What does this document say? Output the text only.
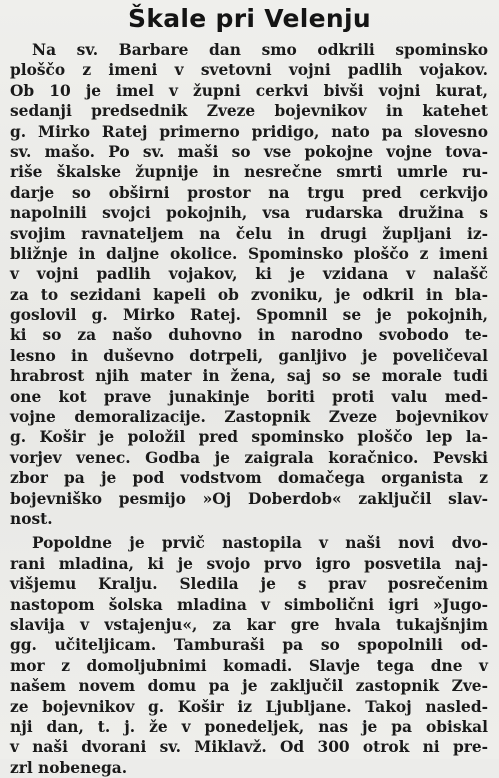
Škale pri Velenju
Na sv. Barbare dan smo odkrili spominsko
ploščo z imeni v svetovni vojni padlih vojakov.
Ob 10 je imel v župni cerkvi bivši vojni kurat,
sedanji predsednik Zveze bojevnikov in katehet
g. Mirko Ratej primerno pridigo, nato pa slovesno
sv. mašo. Po sv. maši so vse pokojne vojne tova-
riše škalske župnije in nesrečne smrti umrle ru-
darje so obširni prostor na trgu pred cerkvijo
napolnili svojci pokojnih, vsa rudarska družina s
svojim ravnateljem na čelu in drugi župljani iz-
bližnje in daljne okolice. Spominsko ploščo z imeni
v vojni padlih vojakov, ki je vzidana v nalašč
za to sezidani kapeli ob zvoniku, je odkril in bla-
goslovil g. Mirko Ratej. Spomnil se je pokojnih,
ki so za našo duhovno in narodno svobodo te-
lesno in duševno dotrpeli, ganljivo je poveličeval
hrabrost njih mater in žena, saj so se morale tudi
one kot prave junakinje boriti proti valu med-
vojne demoralizacije. Zastopnik Zveze bojevnikov
g. Košir je položil pred spominsko ploščo lep la-
vorjev venec. Godba je zaigrala koračnico. Pevski
zbor pa je pod vodstvom domačega organista z
bojevniško pesmijo »Oj Doberdob« zaključil slav-
nost.
Popoldne je prvič nastopila v naši novi dvo-
rani mladina, ki je svojo prvo igro posvetila naj-
višjemu Kralju. Sledila je s prav posrečenim
nastopom šolska mladina v simbolični igri »Jugo-
slavija v vstajenju«, za kar gre hvala tukajšnjim
gg. učiteljicam. Tamburaši pa so spopolnili od-
mor z domoljubnimi komadi. Slavje tega dne v
našem novem domu pa je zaključil zastopnik Zve-
ze bojevnikov g. Košir iz Ljubljane. Takoj nasled-
nji dan, t. j. že v ponedeljek, nas je pa obiskal
v naši dvorani sv. Miklavž. Od 300 otrok ni pre-
zrl nobenega.
